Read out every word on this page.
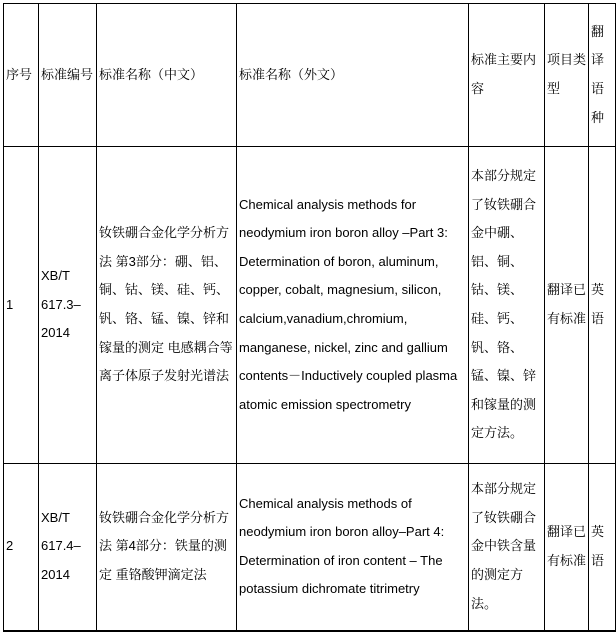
序号	标准编号	标准名称（中文）	标准名称（外文）	标准主要内容	项目类型	翻译语种
1	XB/T 617.3–2014	钕铁硼合金化学分析方法 第3部分：硼、铝、铜、钴、镁、硅、钙、钒、铬、锰、镍、锌和镓量的测定 电感耦合等离子体原子发射光谱法	Chemical analysis methods for neodymium iron boron alloy –Part 3: Determination of boron, aluminum, copper, cobalt, magnesium, silicon, calcium,vanadium,chromium, manganese, nickel, zinc and gallium contents－Inductively coupled plasma atomic emission spectrometry	本部分规定了钕铁硼合金中硼、铝、铜、钴、镁、硅、钙、钒、铬、锰、镍、锌和镓量的测定方法。	翻译已有标准	英语
2	XB/T 617.4–2014	钕铁硼合金化学分析方法 第4部分：铁量的测定 重铬酸钾滴定法	Chemical analysis methods of neodymium iron boron alloy–Part 4: Determination of iron content – The potassium dichromate titrimetry	本部分规定了钕铁硼合金中铁含量的测定方法。	翻译已有标准	英语
